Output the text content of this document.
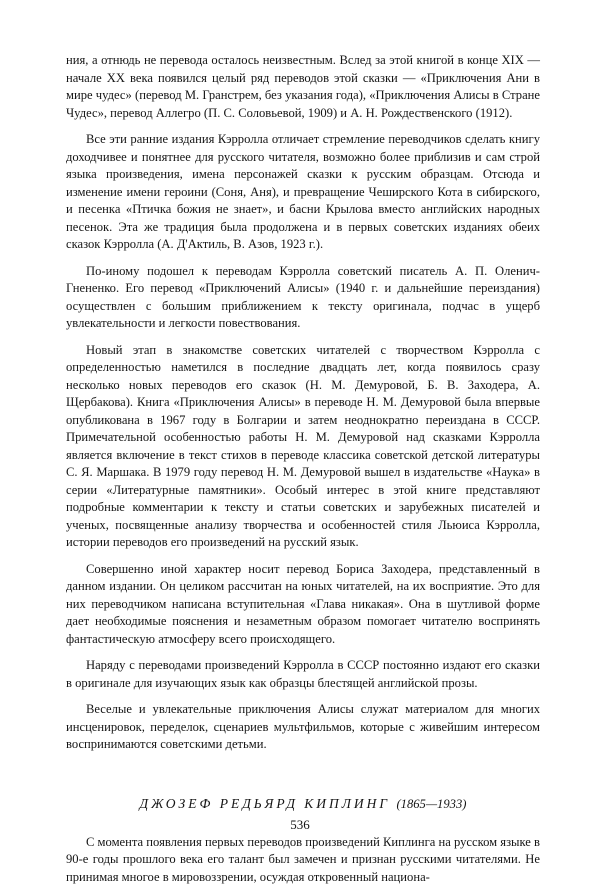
ния, а отнюдь не перевода осталось неизвестным. Вслед за этой книгой в конце XIX — начале XX века появился целый ряд переводов этой сказки — «Приключения Ани в мире чудес» (перевод М. Гранстрем, без указания года), «Приключения Алисы в Стране Чудес», перевод Аллегро (П. С. Соловьевой, 1909) и А. Н. Рождественского (1912).

Все эти ранние издания Кэрролла отличает стремление переводчиков сделать книгу доходчивее и понятнее для русского читателя, возможно более приблизив и сам строй языка произведения, имена персонажей сказки к русским образцам. Отсюда и изменение имени героини (Соня, Аня), и превращение Чеширского Кота в сибирского, и песенка «Птичка божия не знает», и басни Крылова вместо английских народных песенок. Эта же традиция была продолжена и в первых советских изданиях обеих сказок Кэрролла (А. Д'Актиль, В. Азов, 1923 г.).

По-иному подошел к переводам Кэрролла советский писатель А. П. Оленич-Гнененко. Его перевод «Приключений Алисы» (1940 г. и дальнейшие переиздания) осуществлен с большим приближением к тексту оригинала, подчас в ущерб увлекательности и легкости повествования.

Новый этап в знакомстве советских читателей с творчеством Кэрролла с определенностью наметился в последние двадцать лет, когда появилось сразу несколько новых переводов его сказок (Н. М. Демуровой, Б. В. Заходера, А. Щербакова). Книга «Приключения Алисы» в переводе Н. М. Демуровой была впервые опубликована в 1967 году в Болгарии и затем неоднократно переиздана в СССР. Примечательной особенностью работы Н. М. Демуровой над сказками Кэрролла является включение в текст стихов в переводе классика советской детской литературы С. Я. Маршака. В 1979 году перевод Н. М. Демуровой вышел в издательстве «Наука» в серии «Литературные памятники». Особый интерес в этой книге представляют подробные комментарии к тексту и статьи советских и зарубежных писателей и ученых, посвященные анализу творчества и особенностей стиля Льюиса Кэрролла, истории переводов его произведений на русский язык.

Совершенно иной характер носит перевод Бориса Заходера, представленный в данном издании. Он целиком рассчитан на юных читателей, на их восприятие. Это для них переводчиком написана вступительная «Глава никакая». Она в шутливой форме дает необходимые пояснения и незаметным образом помогает читателю воспринять фантастическую атмосферу всего происходящего.

Наряду с переводами произведений Кэрролла в СССР постоянно издают его сказки в оригинале для изучающих язык как образцы блестящей английской прозы.

Веселые и увлекательные приключения Алисы служат материалом для многих инсценировок, переделок, сценариев мультфильмов, которые с живейшим интересом воспринимаются советскими детьми.

ДЖОЗЕФ РЕДЬЯРД КИПЛИНГ (1865—1933)

С момента появления первых переводов произведений Киплинга на русском языке в 90-е годы прошлого века его талант был замечен и признан русскими читателями. Не принимая многое в мировоззрении, осуждая откровенный национа-

536
